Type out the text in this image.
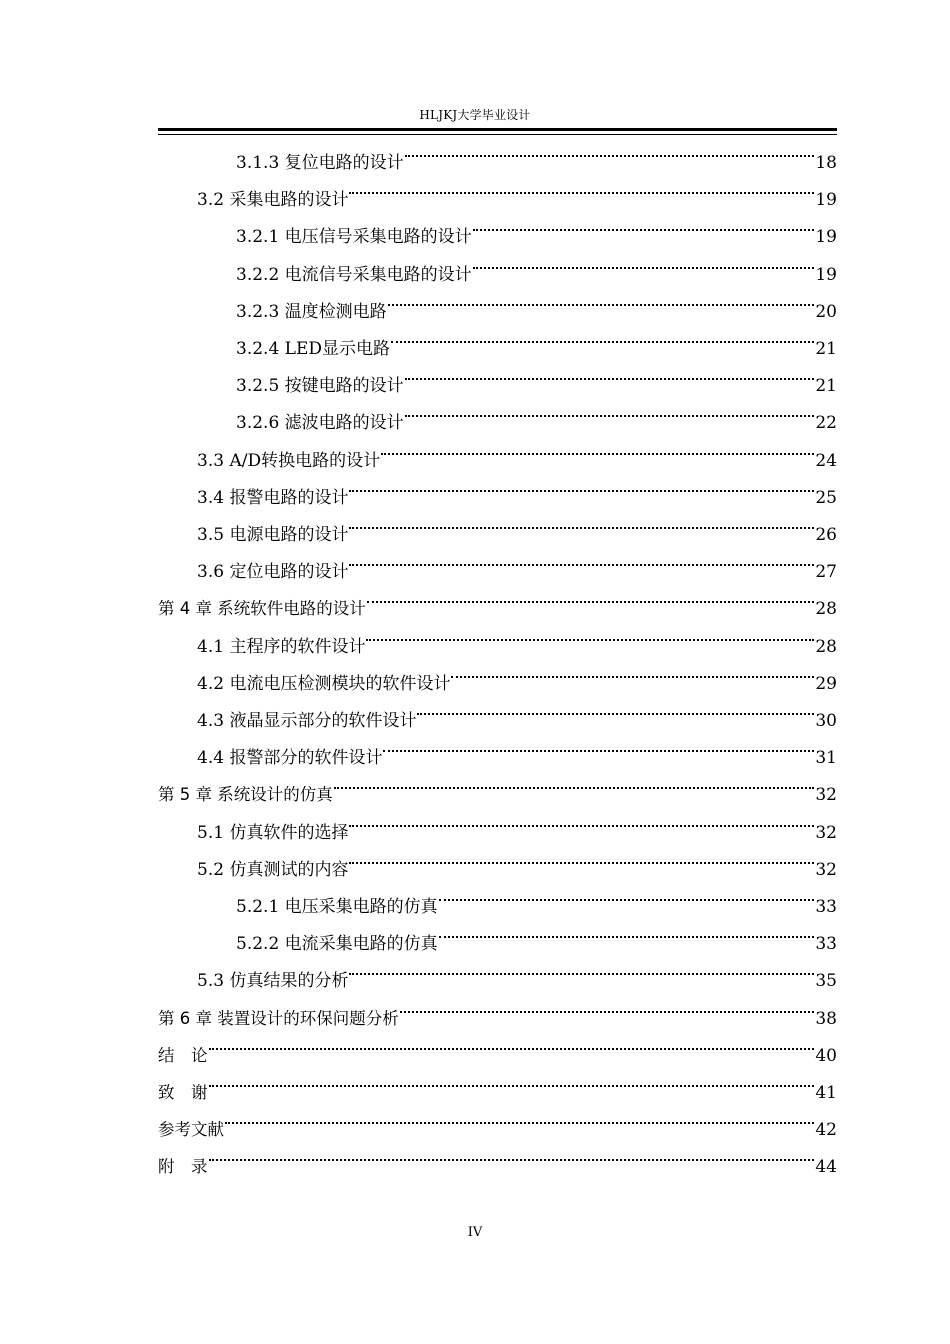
HLJKJ大学毕业设计
3.1.3 复位电路的设计	18
3.2 采集电路的设计	19
3.2.1 电压信号采集电路的设计	19
3.2.2 电流信号采集电路的设计	19
3.2.3 温度检测电路	20
3.2.4 LED显示电路	21
3.2.5 按键电路的设计	21
3.2.6 滤波电路的设计	22
3.3 A/D转换电路的设计	24
3.4 报警电路的设计	25
3.5 电源电路的设计	26
3.6 定位电路的设计	27
第 4 章 系统软件电路的设计	28
4.1 主程序的软件设计	28
4.2 电流电压检测模块的软件设计	29
4.3 液晶显示部分的软件设计	30
4.4 报警部分的软件设计	31
第 5 章 系统设计的仿真	32
5.1 仿真软件的选择	32
5.2 仿真测试的内容	32
5.2.1 电压采集电路的仿真	33
5.2.2 电流采集电路的仿真	33
5.3 仿真结果的分析	35
第 6 章 装置设计的环保问题分析	38
结　论	40
致　谢	41
参考文献	42
附　录	44
IV
